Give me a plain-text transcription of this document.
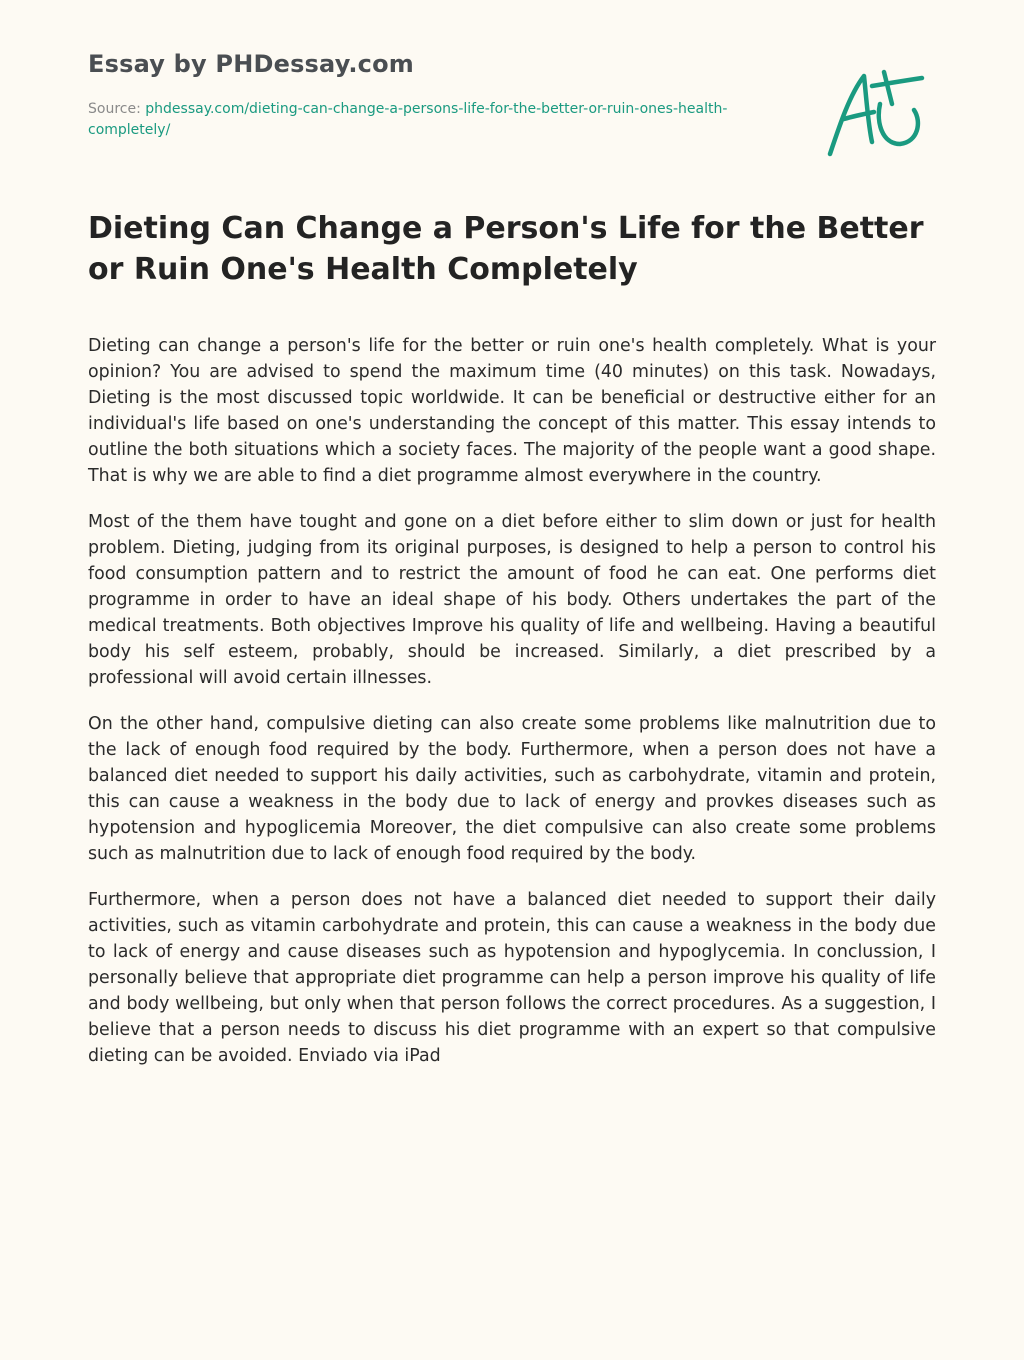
Essay by PHDessay.com
Source: phdessay.com/dieting-can-change-a-persons-life-for-the-better-or-ruin-ones-health-completely/
Dieting Can Change a Person's Life for the Better or Ruin One's Health Completely

Dieting can change a person's life for the better or ruin one's health completely. What is your opinion? You are advised to spend the maximum time (40 minutes) on this task. Nowadays, Dieting is the most discussed topic worldwide. It can be beneficial or destructive either for an individual's life based on one's understanding the concept of this matter. This essay intends to outline the both situations which a society faces. The majority of the people want a good shape. That is why we are able to find a diet programme almost everywhere in the country.

Most of the them have tought and gone on a diet before either to slim down or just for health problem. Dieting, judging from its original purposes, is designed to help a person to control his food consumption pattern and to restrict the amount of food he can eat. One performs diet programme in order to have an ideal shape of his body. Others undertakes the part of the medical treatments. Both objectives Improve his quality of life and wellbeing. Having a beautiful body his self esteem, probably, should be increased. Similarly, a diet prescribed by a professional will avoid certain illnesses.

On the other hand, compulsive dieting can also create some problems like malnutrition due to the lack of enough food required by the body. Furthermore, when a person does not have a balanced diet needed to support his daily activities, such as carbohydrate, vitamin and protein, this can cause a weakness in the body due to lack of energy and provkes diseases such as hypotension and hypoglicemia Moreover, the diet compulsive can also create some problems such as malnutrition due to lack of enough food required by the body.

Furthermore, when a person does not have a balanced diet needed to support their daily activities, such as vitamin carbohydrate and protein, this can cause a weakness in the body due to lack of energy and cause diseases such as hypotension and hypoglycemia. In conclussion, I personally believe that appropriate diet programme can help a person improve his quality of life and body wellbeing, but only when that person follows the correct procedures. As a suggestion, I believe that a person needs to discuss his diet programme with an expert so that compulsive dieting can be avoided. Enviado via iPad
